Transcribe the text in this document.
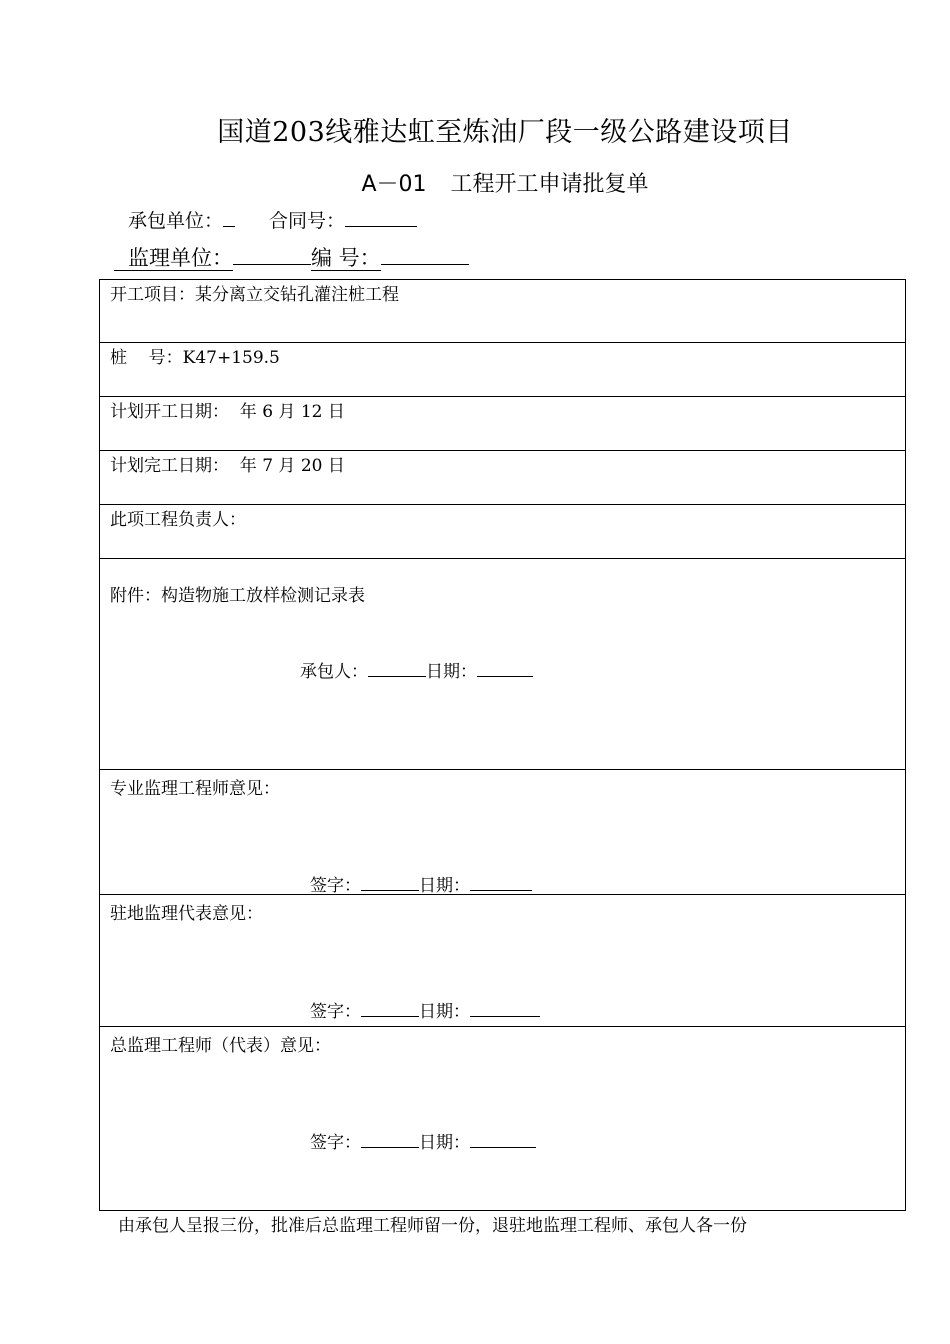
国道203线雅达虹至炼油厂段一级公路建设项目
A－01 工程开工申请批复单
承包单位： 合同号：
监理单位：	编 号：
开工项目：某分离立交钻孔灌注桩工程
桩    号：K47+159.5
计划开工日期：  年 6 月 12 日
计划完工日期：  年 7 月 20 日
此项工程负责人：

附件：构造物施工放样检测记录表
承包人：	日期：

专业监理工程师意见：
签字：	日期：

驻地监理代表意见：
签字：	日期：

总监理工程师（代表）意见：
签字：	日期：
由承包人呈报三份，批准后总监理工程师留一份，退驻地监理工程师、承包人各一份
